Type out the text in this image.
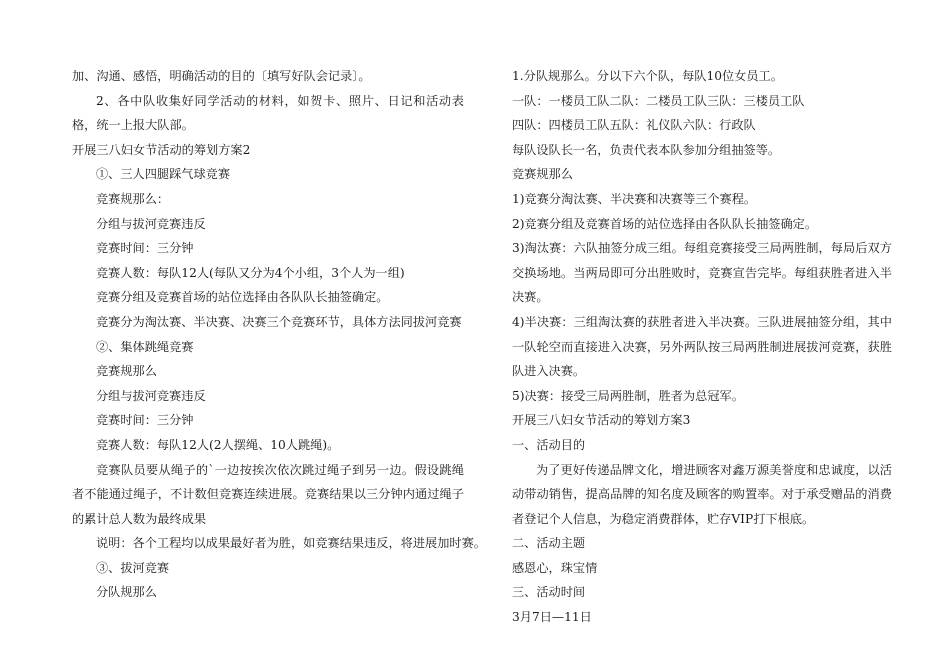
加、沟通、感悟，明确活动的目的〔填写好队会记录〕。
2、各中队收集好同学活动的材料，如贺卡、照片、日记和活动表格，统一上报大队部。
开展三八妇女节活动的筹划方案2
①、三人四腿踩气球竞赛
竞赛规那么：
分组与拔河竞赛违反
竞赛时间：三分钟
竞赛人数：每队12人(每队又分为4个小组，3个人为一组)
竞赛分组及竞赛首场的站位选择由各队队长抽签确定。
竞赛分为淘汰赛、半决赛、决赛三个竞赛环节，具体方法同拔河竞赛
②、集体跳绳竞赛
竞赛规那么
分组与拔河竞赛违反
竞赛时间：三分钟
竞赛人数：每队12人(2人摆绳、10人跳绳)。
竞赛队员要从绳子的`一边按挨次依次跳过绳子到另一边。假设跳绳者不能通过绳子，不计数但竞赛连续进展。竞赛结果以三分钟内通过绳子的累计总人数为最终成果
说明：各个工程均以成果最好者为胜，如竞赛结果违反，将进展加时赛。
③、拔河竞赛
分队规那么
1.分队规那么。分以下六个队，每队10位女员工。
一队：一楼员工队二队：二楼员工队三队：三楼员工队
四队：四楼员工队五队：礼仪队六队：行政队
每队设队长一名，负责代表本队参加分组抽签等。
竞赛规那么
1)竞赛分淘汰赛、半决赛和决赛等三个赛程。
2)竞赛分组及竞赛首场的站位选择由各队队长抽签确定。
3)淘汰赛：六队抽签分成三组。每组竞赛接受三局两胜制，每局后双方交换场地。当两局即可分出胜败时，竞赛宣告完毕。每组获胜者进入半决赛。
4)半决赛：三组淘汰赛的获胜者进入半决赛。三队进展抽签分组，其中一队轮空而直接进入决赛，另外两队按三局两胜制进展拔河竞赛，获胜队进入决赛。
5)决赛：接受三局两胜制，胜者为总冠军。
开展三八妇女节活动的筹划方案3
一、活动目的
为了更好传递品牌文化，增进顾客对鑫万源美誉度和忠诚度，以活动带动销售，提高品牌的知名度及顾客的购置率。对于承受赠品的消费者登记个人信息，为稳定消费群体，贮存VIP打下根底。
二、活动主题
感恩心，珠宝情
三、活动时间
3月7日—11日
